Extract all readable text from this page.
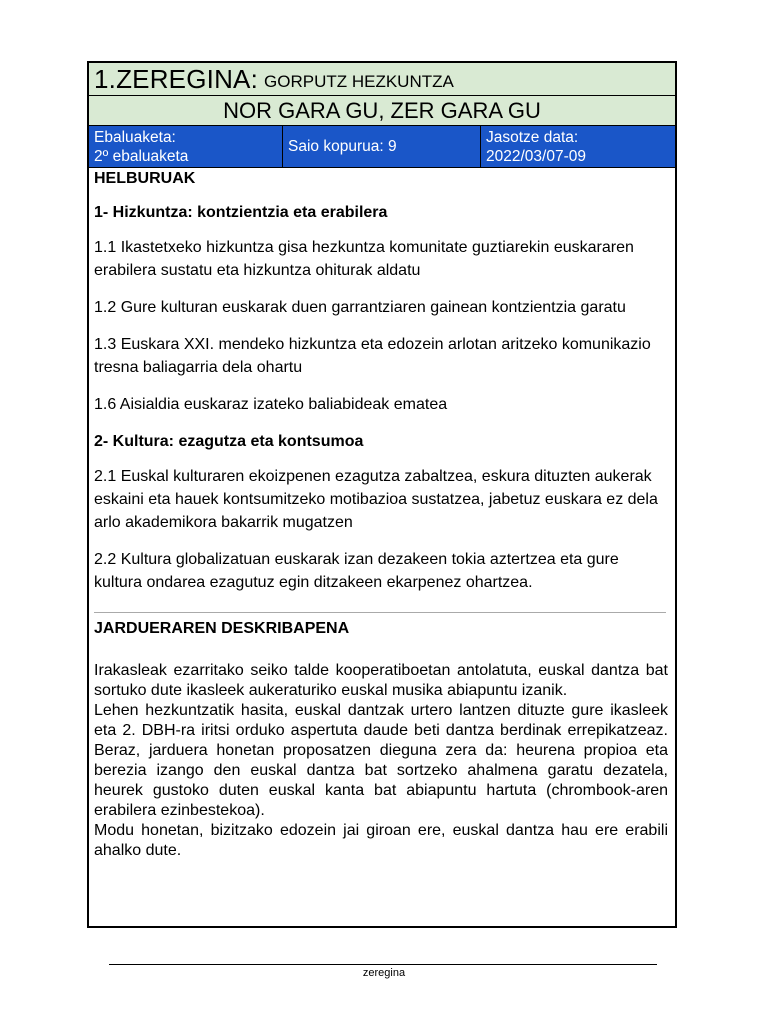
1.ZEREGINA: GORPUTZ HEZKUNTZA
NOR GARA GU, ZER GARA GU
Ebaluaketa:
2º ebaluaketa
Saio kopurua: 9
Jasotze data:
2022/03/07-09

HELBURUAK

1- Hizkuntza: kontzientzia eta erabilera

1.1 Ikastetxeko hizkuntza gisa hezkuntza komunitate guztiarekin euskararen erabilera sustatu eta hizkuntza ohiturak aldatu

1.2 Gure kulturan euskarak duen garrantziaren gainean kontzientzia garatu

1.3 Euskara XXI. mendeko hizkuntza eta edozein arlotan aritzeko komunikazio tresna baliagarria dela ohartu

1.6 Aisialdia euskaraz izateko baliabideak ematea

2- Kultura: ezagutza eta kontsumoa

2.1 Euskal kulturaren ekoizpenen ezagutza zabaltzea, eskura dituzten aukerak eskaini eta hauek kontsumitzeko motibazioa sustatzea, jabetuz euskara ez dela arlo akademikora bakarrik mugatzen

2.2 Kultura globalizatuan euskarak izan dezakeen tokia aztertzea eta gure kultura ondarea ezagutuz egin ditzakeen ekarpenez ohartzea.

JARDUERAREN DESKRIBAPENA
Irakasleak ezarritako seiko talde kooperatiboetan antolatuta, euskal dantza bat sortuko dute ikasleek aukeraturiko euskal musika abiapuntu izanik.
Lehen hezkuntzatik hasita, euskal dantzak urtero lantzen dituzte gure ikasleek eta 2. DBH-ra iritsi orduko aspertuta daude beti dantza berdinak errepikatzeaz. Beraz, jarduera honetan proposatzen dieguna zera da: heurena propioa eta berezia izango den euskal dantza bat sortzeko ahalmena garatu dezatela, heurek gustoko duten euskal kanta bat abiapuntu hartuta (chrombook-aren erabilera ezinbestekoa).
Modu honetan, bizitzako edozein jai giroan ere, euskal dantza hau ere erabili ahalko dute.
zeregina
